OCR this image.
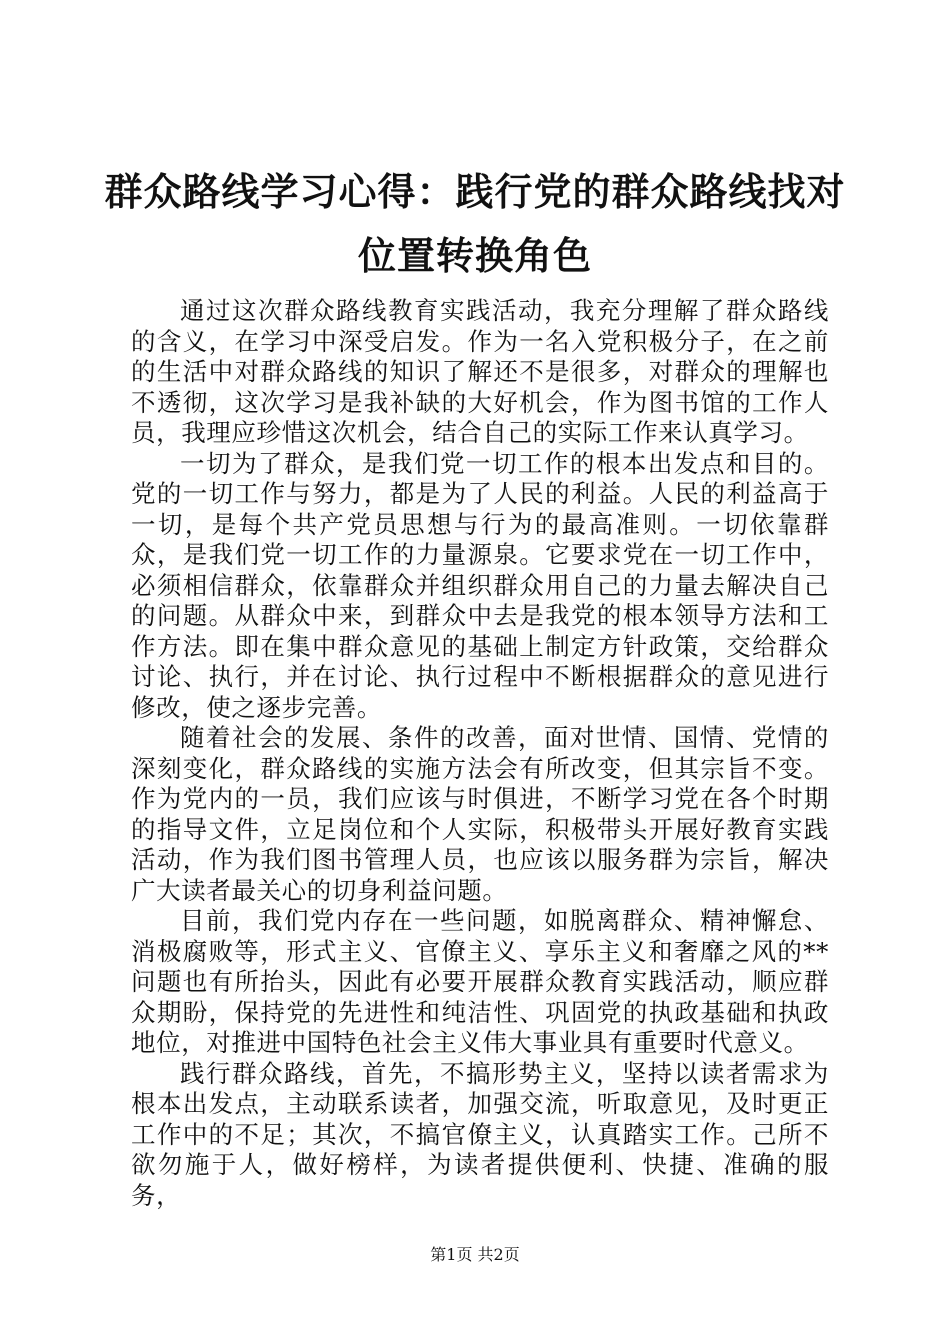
群众路线学习心得：践行党的群众路线找对位置转换角色

通过这次群众路线教育实践活动，我充分理解了群众路线的含义，在学习中深受启发。作为一名入党积极分子，在之前的生活中对群众路线的知识了解还不是很多，对群众的理解也不透彻，这次学习是我补缺的大好机会，作为图书馆的工作人员，我理应珍惜这次机会，结合自己的实际工作来认真学习。

一切为了群众，是我们党一切工作的根本出发点和目的。党的一切工作与努力，都是为了人民的利益。人民的利益高于一切，是每个共产党员思想与行为的最高准则。一切依靠群众，是我们党一切工作的力量源泉。它要求党在一切工作中，必须相信群众，依靠群众并组织群众用自己的力量去解决自己的问题。从群众中来，到群众中去是我党的根本领导方法和工作方法。即在集中群众意见的基础上制定方针政策，交给群众讨论、执行，并在讨论、执行过程中不断根据群众的意见进行修改，使之逐步完善。

随着社会的发展、条件的改善，面对世情、国情、党情的深刻变化，群众路线的实施方法会有所改变，但其宗旨不变。作为党内的一员，我们应该与时俱进，不断学习党在各个时期的指导文件，立足岗位和个人实际，积极带头开展好教育实践活动，作为我们图书管理人员，也应该以服务群为宗旨，解决广大读者最关心的切身利益问题。

目前，我们党内存在一些问题，如脱离群众、精神懈怠、消极腐败等，形式主义、官僚主义、享乐主义和奢靡之风的**问题也有所抬头，因此有必要开展群众教育实践活动，顺应群众期盼，保持党的先进性和纯洁性、巩固党的执政基础和执政地位，对推进中国特色社会主义伟大事业具有重要时代意义。

践行群众路线，首先，不搞形势主义，坚持以读者需求为根本出发点，主动联系读者，加强交流，听取意见，及时更正工作中的不足；其次，不搞官僚主义，认真踏实工作。己所不欲勿施于人，做好榜样，为读者提供便利、快捷、准确的服务，

第1页 共2页
